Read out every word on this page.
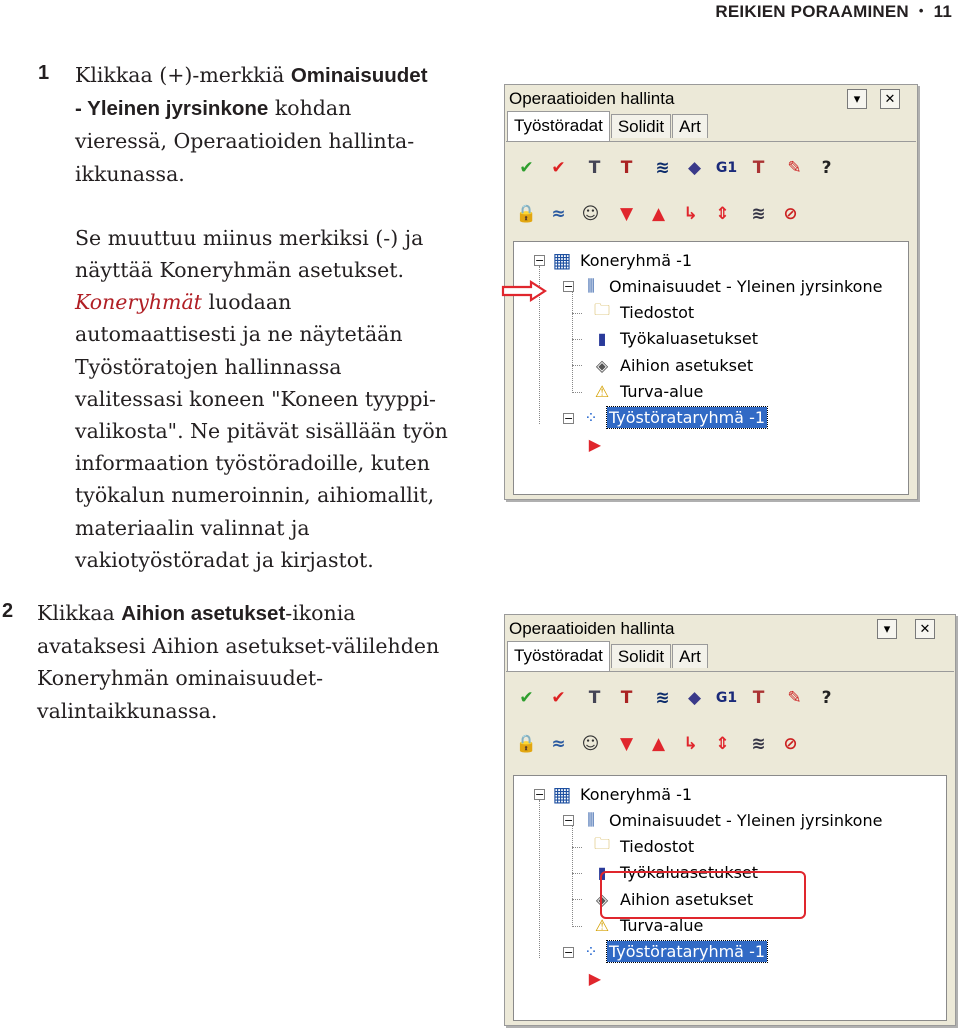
REIKIEN PORAAMINEN • 11
1 Klikkaa (+)-merkkiä Ominaisuudet

- Yleinen jyrsinkone kohdan

vieressä, Operaatioiden hallinta-

ikkunassa.

Se muuttuu miinus merkiksi (-) ja

näyttää Koneryhmän asetukset.

Koneryhmät luodaan

automaattisesti ja ne näytetään

Työstöratojen hallinnassa

valitessasi koneen "Koneen tyyppi-

valikosta". Ne pitävät sisällään työn

informaation työstöradoille, kuten

työkalun numeroinnin, aihiomallit,

materiaalin valinnat ja

vakiotyöstöradat ja kirjastot.

2 Klikkaa Aihion asetukset-ikonia

avataksesi Aihion asetukset-välilehden

Koneryhmän ominaisuudet-

valintaikkunassa.

Operaatioiden hallinta	▾	✕
Työstöradat Solidit Art
✔	✔	T	T	≋	◆	G1 T	✎	?
🔒 ≈ ☺	▼	▲	↳	⇕	≋	⊘
− ▦ Koneryhmä -1
− ⫼ Ominaisuudet - Yleinen jyrsinkone
🗀 Tiedostot
▮ Työkaluasetukset
◈ Aihion asetukset
⚠ Turva-alue
− ⁘ Työstörataryhmä -1
▶
Operaatioiden hallinta	▾	✕
Työstöradat Solidit Art
✔	✔	T	T	≋	◆	G1 T	✎	?
🔒 ≈ ☺	▼	▲	↳	⇕	≋	⊘
− ▦ Koneryhmä -1
− ⫼ Ominaisuudet - Yleinen jyrsinkone
🗀 Tiedostot
▮ Työkaluasetukset
◈ Aihion asetukset
⚠ Turva-alue
− ⁘ Työstörataryhmä -1
▶
